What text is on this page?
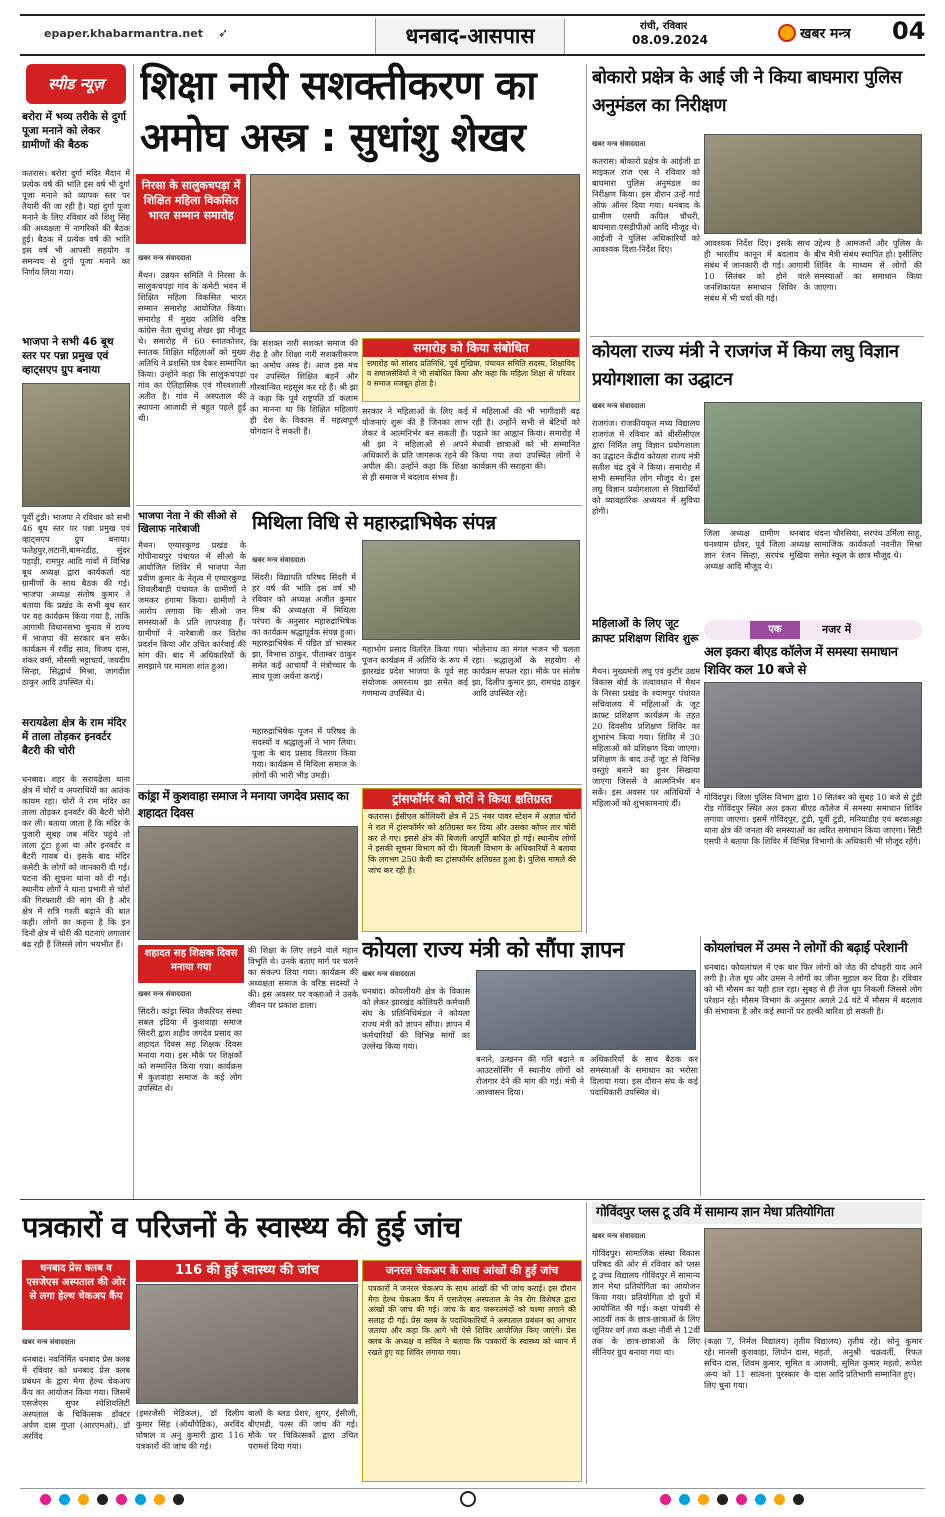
epaper.khabarmantra.net ➶	धनबाद-आसपास	रांची, रविवार
08.09.2024	खबर मन्त्र 04
स्पीड न्यूज़
बरोरा में भव्य तरीके से दुर्गा पूजा मनाने को लेकर ग्रामीणों की बैठक
कतरास। बरोरा दुर्गा मंदिर मैदान में प्रत्येक वर्ष की भांति इस वर्ष भी दुर्गा पूजा मनाने को व्यापक स्तर पर तैयारी की जा रही है। यहां दुर्गा पूजा मनाने के लिए रविवार को शिशु सिंह की अध्यक्षता में नागरिकों की बैठक हुई। बैठक में प्रत्येक वर्ष की भांति इस वर्ष भी आपसी सहयोग व समन्वय से दुर्गा पूजा मनाने का निर्णय लिया गया।
भाजपा ने सभी 46 बूथ स्तर पर पन्ना प्रमुख एवं व्हाट्सएप ग्रुप बनाया
पूर्वी टुंडी। भाजपा ने रविवार को सभी 46 बूथ स्तर पर पन्ना प्रमुख एवं व्हाट्सएप ग्रुप बनाया। फतेहपुर,लटानी,बामनडीह, सुंदर पहाड़ी, रामपुर आदि गांवों में विभिन्न बूथ अध्यक्ष द्वारा कार्यकर्ता वह ग्रामीणों के साथ बैठक की गई। भाजपा अध्यक्ष संतोष कुमार ने बताया कि प्रखंड के सभी बूथ स्तर पर यह कार्यक्रम किया गया है, ताकि आगामी विधानसभा चुनाव में राज्य में भाजपा की सरकार बन सके। कार्यक्रम में रवींद्र साव, विजय दास, शंकर वर्मा, मौसमी भट्टाचार्य, जयदीप सिन्हा, सिद्धार्थ मिश्रा, जागदीश ठाकुर आदि उपस्थित थे।
सरायढेला क्षेत्र के राम मंदिर में ताला तोड़कर इनवर्टर बैटरी की चोरी
धनबाद। शहर के सरायढेला थाना क्षेत्र में चोरों व अपराधियों का आतंक कायम रहा। चोरों ने राम मंदिर का ताला तोड़कर इनवर्टर की बैटरी चोरी कर ली। बताया जाता है कि मंदिर के पुजारी सुबह जब मंदिर पहुंचे तो ताला टूटा हुआ था और इनवर्टर व बैटरी गायब थे। इसके बाद मंदिर कमेटी के लोगों को जानकारी दी गई। घटना की सूचना थाना को दी गई। स्थानीय लोगों ने थाना प्रभारी से चोरों की गिरफ्तारी की मांग की है और क्षेत्र में रात्रि गश्ती बढ़ाने की बात कही। लोगों का कहना है कि इन दिनों क्षेत्र में चोरी की घटनाएं लगातार बढ़ रही हैं जिससे लोग भयभीत हैं।
शिक्षा नारी सशक्तीकरण का अमोघ अस्त्र : सुधांशु शेखर
निरसा के सालुकचपड़ा में शिक्षित महिला विकसित भारत सम्मान समारोह
खबर मन्त्र संवाददाता
मैथन। उन्नयन समिति ने निरसा के सालुकचपड़ा गांव के कमेटी भवन में शिक्षित महिला विकसित भारत सम्मान समारोह आयोजित किया। समारोह में मुख्य अतिथि वरिष्ठ कांग्रेस नेता सुधांशु शेखर झा मौजूद थे। समारोह में 60 स्नातकोत्तर, स्नातक शिक्षित महिलाओं को मुख्य अतिथि ने प्रशस्ति पत्र देकर सम्मानित किया। उन्होंने कहा कि सालुकचपड़ा गांव का ऐतिहासिक एवं गौरवशाली अतीत है। गांव में अस्पताल की स्थापना आजादी से बहुत पहले हुई थी।
कि सशक्त नारी सशक्त समाज की रीढ़ है और शिक्षा नारी सशक्तीकरण का अमोघ अस्त्र है। आज इस मंच पर उपस्थित शिक्षित बहनें और गौरवान्वित महसूस कर रहे हैं। श्री झा ने कहा कि पूर्व राष्ट्रपति डॉ कलाम का मानना था कि शिक्षित महिलाएं ही देश के विकास में महत्वपूर्ण योगदान दे सकती हैं।
समारोह को किया संबोधित
समारोह को सांसद प्रतिनिधि, पूर्व मुखिया, पंचायत समिति सदस्य, शिक्षाविद व समाजसेवियों ने भी संबोधित किया और कहा कि महिला शिक्षा से परिवार व समाज मजबूत होता है।
सरकार ने महिलाओं के लिए कई योजनाएं शुरू की हैं जिनका लाभ लेकर वे आत्मनिर्भर बन सकती हैं। श्री झा ने महिलाओं से अपने अधिकारों के प्रति जागरूक रहने की अपील की। उन्होंने कहा कि शिक्षा से ही समाज में बदलाव संभव है।
में महिलाओं की भी भागीदारी बढ़ रही है। उन्होंने सभी से बेटियों को पढ़ाने का आह्वान किया। समारोह में मेधावी छात्राओं को भी सम्मानित किया गया तथा उपस्थित लोगों ने कार्यक्रम की सराहना की।
भाजपा नेता ने की सीओ से खिलाफ नारेबाजी
मैथन। एग्यारकुण्ड प्रखंड के गोपीनाथपुर पंचायत में सीओ के आयोजित शिविर में भाजपा नेता प्रवीण कुमार के नेतृत्व में एग्यारकुण्ड शिवलीबाड़ी पंचायत के ग्रामीणों ने जमकर हंगामा किया। ग्रामीणों ने आरोप लगाया कि सीओ जन समस्याओं के प्रति लापरवाह हैं। ग्रामीणों ने नारेबाजी कर विरोध प्रदर्शन किया और उचित कार्रवाई की मांग की। बाद में अधिकारियों के समझाने पर मामला शांत हुआ।
मिथिला विधि से महारुद्राभिषेक संपन्न
खबर मन्त्र संवाददाता
सिंदरी। विद्यापति परिषद सिंदरी में हर वर्ष की भांति इस वर्ष भी रविवार को अध्यक्ष अजीत कुमार मिश्र की अध्यक्षता में मिथिला परंपरा के अनुसार महारुद्राभिषेक का कार्यक्रम श्रद्धापूर्वक संपन्न हुआ। महारुद्राभिषेक में पंडित डॉ भास्कर झा, विभास ठाकुर, पीताम्बर ठाकुर समेत कई आचार्यों ने मंत्रोच्चार के साथ पूजा अर्चना कराई।
महारुद्राभिषेक पूजन में परिषद के सदस्यों व श्रद्धालुओं ने भाग लिया। पूजा के बाद प्रसाद वितरण किया गया। कार्यक्रम में मिथिला समाज के लोगों की भारी भीड़ उमड़ी।
महाभोग प्रसाद वितरित किया गया। पूजन कार्यक्रम में अतिथि के रूप में झारखंड प्रदेश भाजपा के पूर्व सह संयोजक अमरनाथ झा समेत कई गणमान्य उपस्थित थे।
भोलेनाथ का मंगल भजन भी चलता रहा। श्रद्धालुओं के सहयोग से कार्यक्रम सफल रहा। मौके पर संतोष झा, दिलीप कुमार झा, रामचंद्र ठाकुर आदि उपस्थित रहे।
कांड्रा में कुशवाहा समाज ने मनाया जगदेव प्रसाद का शहादत दिवस
शहादत सह शिक्षक दिवस मनाया गया
खबर मन्त्र संवाददाता
सिंदरी। कांड्रा स्थित जैकरियर संस्था सबल इंडिया में कुशवाहा समाज सिंदरी द्वारा शहीद जगदेव प्रसाद का शहादत दिवस सह शिक्षक दिवस मनाया गया। इस मौके पर शिक्षकों को सम्मानित किया गया। कार्यक्रम में कुशवाहा समाज के कई लोग उपस्थित थे।
की शिक्षा के लिए लड़ने वाले महान विभूति थे। उनके बताए मार्ग पर चलने का संकल्प लिया गया। कार्यक्रम की अध्यक्षता समाज के वरिष्ठ सदस्यों ने की। इस अवसर पर वक्ताओं ने उनके जीवन पर प्रकाश डाला।
ट्रांसफॉर्मर को चोरों ने किया क्षतिग्रस्त
कतरास। ईसीएल कोलियरी क्षेत्र में 25 नंबर पावर स्टेशन में अज्ञात चोरों ने रात में ट्रांसफॉर्मर को क्षतिग्रस्त कर दिया और उसका कॉपर तार चोरी कर ले गए। इससे क्षेत्र की बिजली आपूर्ति बाधित हो गई। स्थानीय लोगों ने इसकी सूचना विभाग को दी। बिजली विभाग के अधिकारियों ने बताया कि लगभग 250 केवी का ट्रांसफॉर्मर क्षतिग्रस्त हुआ है। पुलिस मामले की जांच कर रही है।
कोयला राज्य मंत्री को सौंपा ज्ञापन
खबर मन्त्र संवाददाता
धनबाद। कोयलीयरी क्षेत्र के विकास को लेकर झारखंड कोलियरी कर्मचारी संघ के प्रतिनिधिमंडल ने कोयला राज्य मंत्री को ज्ञापन सौंपा। ज्ञापन में कर्मचारियों की विभिन्न मांगों का उल्लेख किया गया।
बनाने, उत्खनन की गति बढ़ाने व आउटसोर्सिंग में स्थानीय लोगों को रोजगार देने की मांग की गई। मंत्री ने आश्वासन दिया।
अधिकारियों के साथ बैठक कर समस्याओं के समाधान का भरोसा दिलाया गया। इस दौरान संघ के कई पदाधिकारी उपस्थित थे।
बोकारो प्रक्षेत्र के आई जी ने किया बाघमारा पुलिस अनुमंडल का निरीक्षण
खबर मन्त्र संवाददाता
कतरास। बोकारो प्रक्षेत्र के आईजी डा माइकल राज एस ने रविवार को बाघमारा पुलिस अनुमंडल का निरीक्षण किया। इस दौरान उन्हें गार्ड ऑफ ऑनर दिया गया। धनबाद के ग्रामीण एसपी कपिल चौधरी, बाघमारा एसडीपीओ आदि मौजूद थे। आईजी ने पुलिस अधिकारियों को आवश्यक दिशा-निर्देश दिए।
आवश्यक निर्देश दिए। इसके साथ ही भारतीय कानून में बदलाव के संबंध में जानकारी दी गई। आगामी 10 सितंबर को होने वाले जनशिकायत समाधान शिविर के संबंध में भी चर्चा की गई।
उद्देश्य है आमजनों और पुलिस के बीच मैत्री संबंध स्थापित हो। इसीलिए शिविर के माध्यम से लोगों की समस्याओं का समाधान किया जाएगा।
कोयला राज्य मंत्री ने राजगंज में किया लघु विज्ञान प्रयोगशाला का उद्घाटन
खबर मन्त्र संवाददाता
राजगंज। राजकीयकृत मध्य विद्यालय राजगंज में रविवार को बीसीसीएल द्वारा निर्मित लघु विज्ञान प्रयोगशाला का उद्घाटन केंद्रीय कोयला राज्य मंत्री सतीश चंद्र दुबे ने किया। समारोह में सभी सम्मानित लोग मौजूद थे। इस लघु विज्ञान प्रयोगशाला से विद्यार्थियों को व्यावहारिक अध्ययन में सुविधा होगी।
जिला अध्यक्ष ग्रामीण धनबाद घनश्याम ग्रोवर, पूर्व जिला अध्यक्ष ज्ञान रंजन सिन्हा, सरपंच मुखिया अध्यक्ष आदि मौजूद थे।
चंदना चौरसिया, सरपंच उर्मिला साहू, सामाजिक कार्यकर्ता नवनीत मिश्रा समेत स्कूल के छात्र मौजूद थे।
महिलाओं के लिए जूट क्राफ्ट प्रशिक्षण शिविर शुरू
मैथन। मुख्यमंत्री लघु एवं कुटीर उद्यम विकास बोर्ड के तत्वावधान में मैथन के निरसा प्रखंड के श्यामपुर पंचायत सचिवालय में महिलाओं के जूट क्राफ्ट प्रशिक्षण कार्यक्रम के तहत 20 दिवसीय प्रशिक्षण शिविर का शुभारंभ किया गया। शिविर में 30 महिलाओं को प्रशिक्षण दिया जाएगा। प्रशिक्षण के बाद उन्हें जूट से विभिन्न वस्तुएं बनाने का हुनर सिखाया जाएगा जिससे वे आत्मनिर्भर बन सकें। इस अवसर पर अतिथियों ने महिलाओं को शुभकामनाएं दीं।
एक	नजर में
अल इकरा बीएड कॉलेज में समस्या समाधान शिविर कल 10 बजे से
गोविंदपुर। जिला पुलिस विभाग द्वारा 10 सितंबर को सुबह 10 बजे से टुंडी रोड गोविंदपुर स्थित अल इकरा बीएड कॉलेज में समस्या समाधान शिविर लगाया जाएगा। इसमें गोविंदपुर, टुंडी, पूर्वी टुंडी, मनियाडीह एवं बरवाअड्डा थाना क्षेत्र की जनता की समस्याओं का त्वरित समाधान किया जाएगा। सिटी एसपी ने बताया कि शिविर में विभिन्न विभागों के अधिकारी भी मौजूद रहेंगे।
कोयलांचल में उमस ने लोगों की बढ़ाई परेशानी
धनबाद। कोयलांचल में एक बार फिर लोगों को जेठ की दोपहरी याद आने लगी है। तेज धूप और उमस ने लोगों का जीना मुहाल कर दिया है। रविवार को भी मौसम का यही हाल रहा। सुबह से ही तेज धूप निकली जिससे लोग परेशान रहे। मौसम विभाग के अनुसार अगले 24 घंटे में मौसम में बदलाव की संभावना है और कई स्थानों पर हल्की बारिश हो सकती है।
पत्रकारों व परिजनों के स्वास्थ्य की हुई जांच
धनबाद प्रेस क्लब व एसजेएस अस्पताल की ओर से लगा हेल्थ चेकअप कैंप
खबर मन्त्र संवाददाता
धनबाद। नवनिर्मित धनबाद प्रेस क्लब में रविवार को धनबाद प्रेस क्लब प्रबंधन के द्वारा मेगा हेल्थ चेकअप कैंप का आयोजन किया गया। जिसमें एसजेएस सुपर स्पेशियलिटी अस्पताल के चिकित्सक डॉक्टर अर्पण दास गुप्ता (आरएमओ), डॉ अरविंद
116 की हुई स्वास्थ्य की जांच
(इमरजेंसी मेडिकल), डॉ दिलीप कुमार सिंह (ऑर्थोपेडिक), अरविंद घोषाल व अनु कुमारी द्वारा 116 पत्रकारों की जांच की गई।
वालों के ब्लड प्रेशर, शुगर, ईसीजी, बीएमडी, पल्स की जांच की गई। मौके पर चिकित्सकों द्वारा उचित परामर्श दिया गया।
जनरल चेकअप के साथ आंखों की हुई जांच
पत्रकारों ने जनरल चेकअप के साथ आंखों की भी जांच कराई। इस दौरान मेगा हेल्थ चेकअप कैंप में एसजेएस अस्पताल के नेत्र रोग विशेषज्ञ द्वारा आंखों की जांच की गई। जांच के बाद जरूरतमंदों को चश्मा लगाने की सलाह दी गई। प्रेस क्लब के पदाधिकारियों ने अस्पताल प्रबंधन का आभार जताया और कहा कि आगे भी ऐसे शिविर आयोजित किए जाएंगे। प्रेस क्लब के अध्यक्ष व सचिव ने बताया कि पत्रकारों के स्वास्थ्य को ध्यान में रखते हुए यह शिविर लगाया गया।
गोविंदपुर प्लस टू उवि में सामान्य ज्ञान मेधा प्रतियोगिता
खबर मन्त्र संवाददाता
गोविंदपुर। सामाजिक संस्था विकास परिषद की ओर से रविवार को प्लस टू उच्च विद्यालय गोविंदपुर में सामान्य ज्ञान मेधा प्रतियोगिता का आयोजन किया गया। प्रतियोगिता दो ग्रुपों में आयोजित की गई। कक्षा पांचवीं से आठवीं तक के छात्र-छात्राओं के लिए जूनियर वर्ग तथा कक्षा नौवीं से 12वीं तक के छात्र-छात्राओं के लिए सीनियर ग्रुप बनाया गया था।
(कक्षा 7, निर्मल विद्यालय) तृतीय रहे। मानसी कुशवाहा, लिपोन दास, सचिन दास, शिवम कुमार, सुमित व अन्य को 11 सांत्वना पुरस्कार के लिए चुना गया।
विद्यालय) तृतीय रहे। सोनू कुमार महतो, अनुश्री चक्रवर्ती, रिफत आजमी, सुमित कुमार महतो, रूपेश दास आदि प्रतिभागी सम्मानित हुए।
